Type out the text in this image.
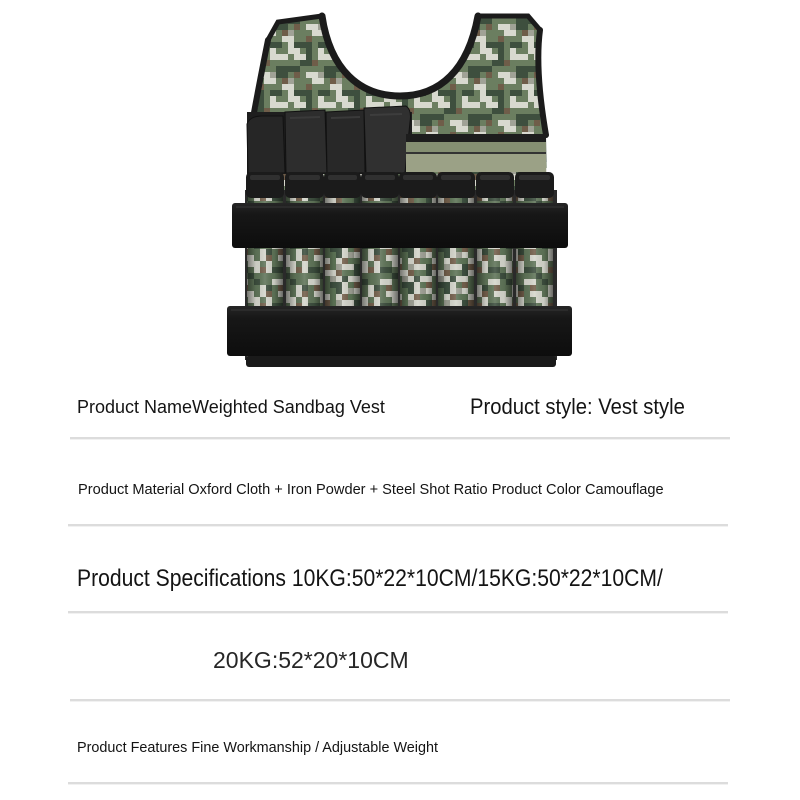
Product NameWeighted Sandbag Vest	Product style: Vest style
Product Material Oxford Cloth + Iron Powder + Steel Shot Ratio Product Color Camouflage
Product Specifications 10KG:50*22*10CM/15KG:50*22*10CM/
20KG:52*20*10CM
Product Features Fine Workmanship / Adjustable Weight
